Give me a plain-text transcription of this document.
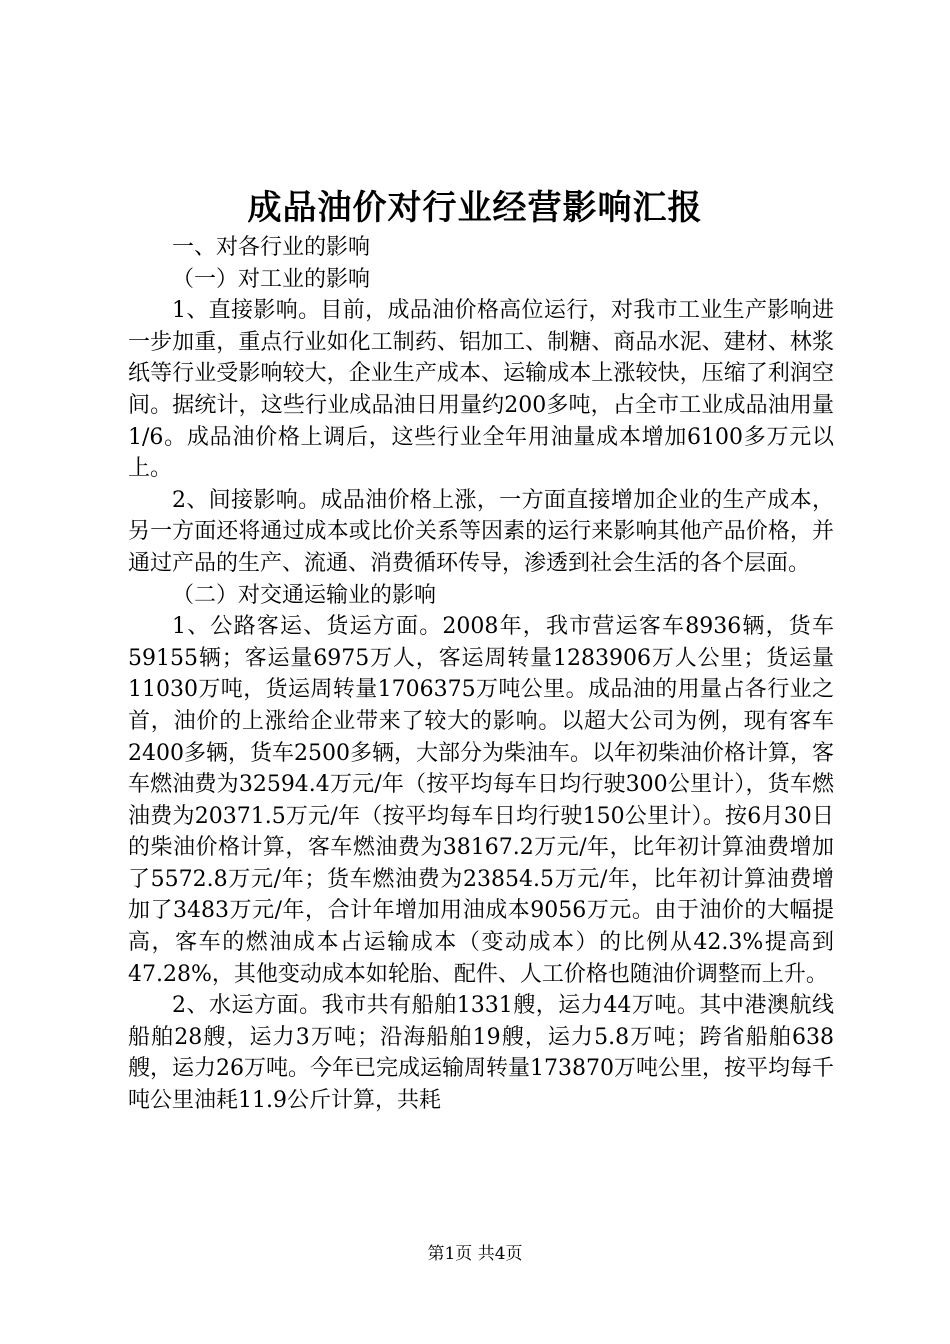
成品油价对行业经营影响汇报

一、对各行业的影响

（一）对工业的影响

1、直接影响。目前，成品油价格高位运行，对我市工业生产影响进一步加重，重点行业如化工制药、铝加工、制糖、商品水泥、建材、林浆纸等行业受影响较大，企业生产成本、运输成本上涨较快，压缩了利润空间。据统计，这些行业成品油日用量约200多吨，占全市工业成品油用量1/6。成品油价格上调后，这些行业全年用油量成本增加6100多万元以上。

2、间接影响。成品油价格上涨，一方面直接增加企业的生产成本，另一方面还将通过成本或比价关系等因素的运行来影响其他产品价格，并通过产品的生产、流通、消费循环传导，渗透到社会生活的各个层面。

（二）对交通运输业的影响

1、公路客运、货运方面。2008年，我市营运客车8936辆，货车59155辆；客运量6975万人，客运周转量1283906万人公里；货运量11030万吨，货运周转量1706375万吨公里。成品油的用量占各行业之首，油价的上涨给企业带来了较大的影响。以超大公司为例，现有客车2400多辆，货车2500多辆，大部分为柴油车。以年初柴油价格计算，客车燃油费为32594.4万元/年（按平均每车日均行驶300公里计），货车燃油费为20371.5万元/年（按平均每车日均行驶150公里计）。按6月30日的柴油价格计算，客车燃油费为38167.2万元/年，比年初计算油费增加了5572.8万元/年；货车燃油费为23854.5万元/年，比年初计算油费增加了3483万元/年，合计年增加用油成本9056万元。由于油价的大幅提高，客车的燃油成本占运输成本（变动成本）的比例从42.3%提高到47.28%，其他变动成本如轮胎、配件、人工价格也随油价调整而上升。

2、水运方面。我市共有船舶1331艘，运力44万吨。其中港澳航线船舶28艘，运力3万吨；沿海船舶19艘，运力5.8万吨；跨省船舶638艘，运力26万吨。今年已完成运输周转量173870万吨公里，按平均每千吨公里油耗11.9公斤计算，共耗

第1页 共4页
